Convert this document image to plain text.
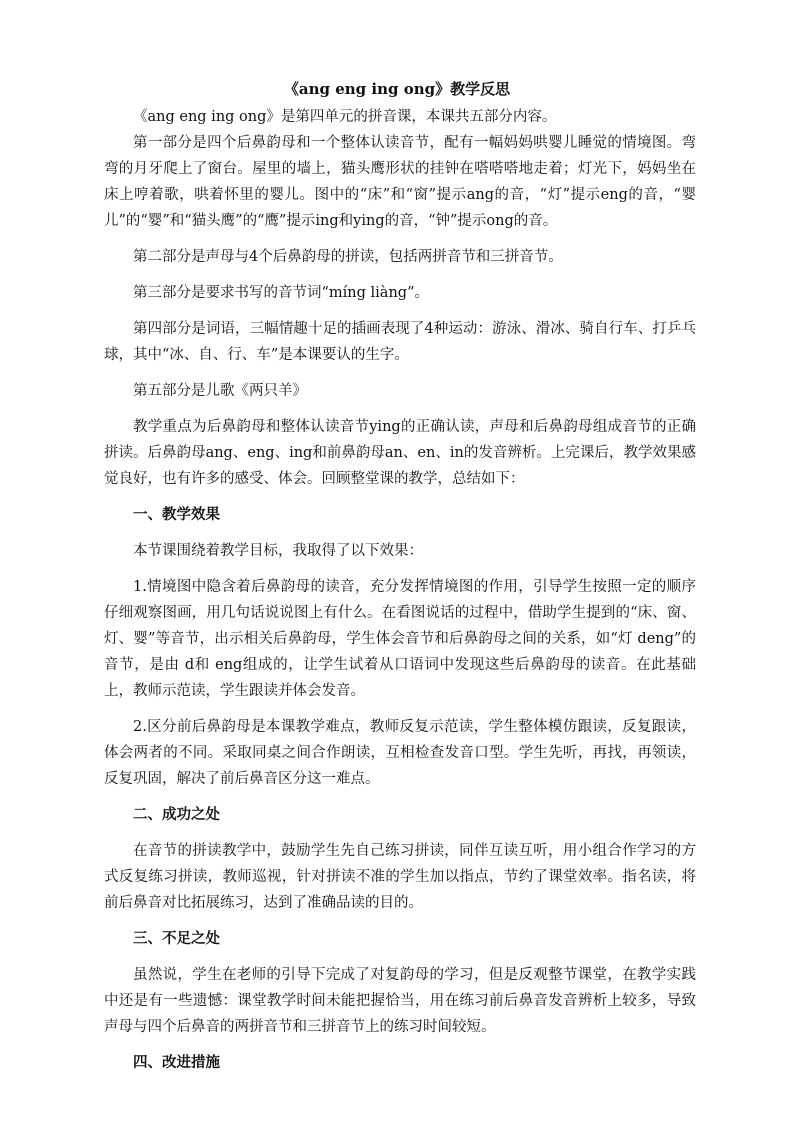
《ang eng ing ong》教学反思

《ang eng ing ong》是第四单元的拼音课，本课共五部分内容。

第一部分是四个后鼻韵母和一个整体认读音节，配有一幅妈妈哄婴儿睡觉的情境图。弯弯的月牙爬上了窗台。屋里的墙上，猫头鹰形状的挂钟在嗒嗒嗒地走着；灯光下，妈妈坐在床上哼着歌，哄着怀里的婴儿。图中的“床”和“窗”提示ang的音，“灯”提示eng的音，“婴儿”的“婴”和“猫头鹰”的“鹰”提示ing和ying的音，“钟”提示ong的音。

第二部分是声母与4个后鼻韵母的拼读，包括两拼音节和三拼音节。

第三部分是要求书写的音节词“míng liàng”。

第四部分是词语，三幅情趣十足的插画表现了4种运动：游泳、滑冰、骑自行车、打乒乓球，其中“冰、自、行、车”是本课要认的生字。

第五部分是儿歌《两只羊》

教学重点为后鼻韵母和整体认读音节ying的正确认读，声母和后鼻韵母组成音节的正确拼读。后鼻韵母ang、eng、ing和前鼻韵母an、en、in的发音辨析。上完课后，教学效果感觉良好，也有许多的感受、体会。回顾整堂课的教学，总结如下：

一、教学效果

本节课围绕着教学目标，我取得了以下效果：

1.情境图中隐含着后鼻韵母的读音，充分发挥情境图的作用，引导学生按照一定的顺序仔细观察图画，用几句话说说图上有什么。在看图说话的过程中，借助学生提到的“床、窗、灯、婴”等音节，出示相关后鼻韵母，学生体会音节和后鼻韵母之间的关系，如“灯 deng”的音节，是由 d和 eng组成的，让学生试着从口语词中发现这些后鼻韵母的读音。在此基础上，教师示范读，学生跟读并体会发音。

2.区分前后鼻韵母是本课教学难点，教师反复示范读，学生整体模仿跟读，反复跟读，体会两者的不同。采取同桌之间合作朗读，互相检查发音口型。学生先听，再找，再领读，反复巩固，解决了前后鼻音区分这一难点。

二、成功之处

在音节的拼读教学中，鼓励学生先自己练习拼读，同伴互读互听，用小组合作学习的方式反复练习拼读，教师巡视，针对拼读不准的学生加以指点，节约了课堂效率。指名读，将前后鼻音对比拓展练习，达到了准确品读的目的。

三、不足之处

虽然说，学生在老师的引导下完成了对复韵母的学习，但是反观整节课堂，在教学实践中还是有一些遗憾：课堂教学时间未能把握恰当，用在练习前后鼻音发音辨析上较多，导致声母与四个后鼻音的两拼音节和三拼音节上的练习时间较短。

四、改进措施
